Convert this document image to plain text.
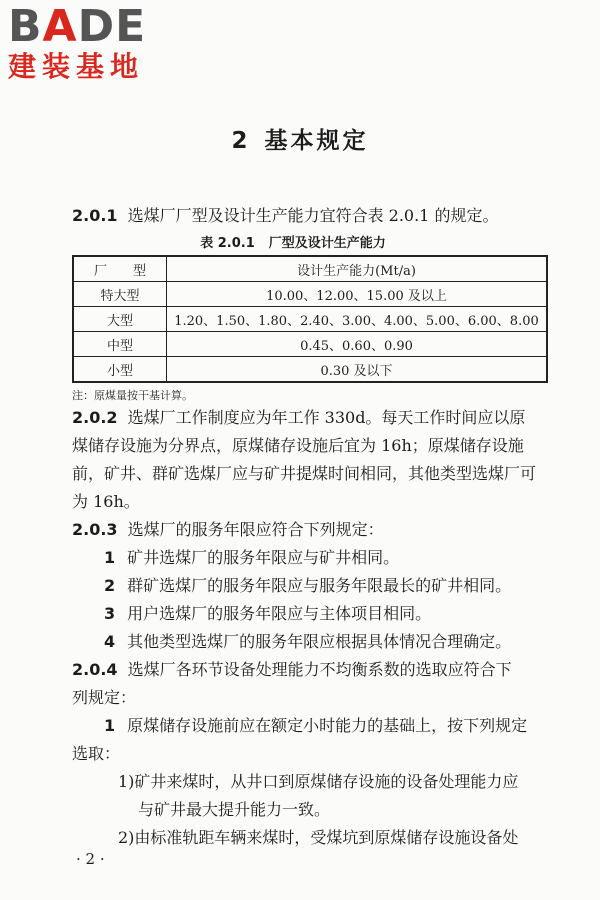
BADE
建装基地
2 基本规定
2.0.1 选煤厂厂型及设计生产能力宜符合表 2.0.1 的规定。
表 2.0.1 厂型及设计生产能力
厂　　型	设计生产能力(Mt/a)
特大型	10.00、12.00、15.00 及以上
大型	1.20、1.50、1.80、2.40、3.00、4.00、5.00、6.00、8.00
中型	0.45、0.60、0.90
小型	0.30 及以下
注：原煤量按干基计算。
2.0.2 选煤厂工作制度应为年工作 330d。每天工作时间应以原
煤储存设施为分界点，原煤储存设施后宜为 16h；原煤储存设施
前，矿井、群矿选煤厂应与矿井提煤时间相同，其他类型选煤厂可
为 16h。
2.0.3 选煤厂的服务年限应符合下列规定：
1 矿井选煤厂的服务年限应与矿井相同。
2 群矿选煤厂的服务年限应与服务年限最长的矿井相同。
3 用户选煤厂的服务年限应与主体项目相同。
4 其他类型选煤厂的服务年限应根据具体情况合理确定。
2.0.4 选煤厂各环节设备处理能力不均衡系数的选取应符合下
列规定：
1 原煤储存设施前应在额定小时能力的基础上，按下列规定
选取：
1)矿井来煤时，从井口到原煤储存设施的设备处理能力应
与矿井最大提升能力一致。
2)由标准轨距车辆来煤时，受煤坑到原煤储存设施设备处
· 2 ·
